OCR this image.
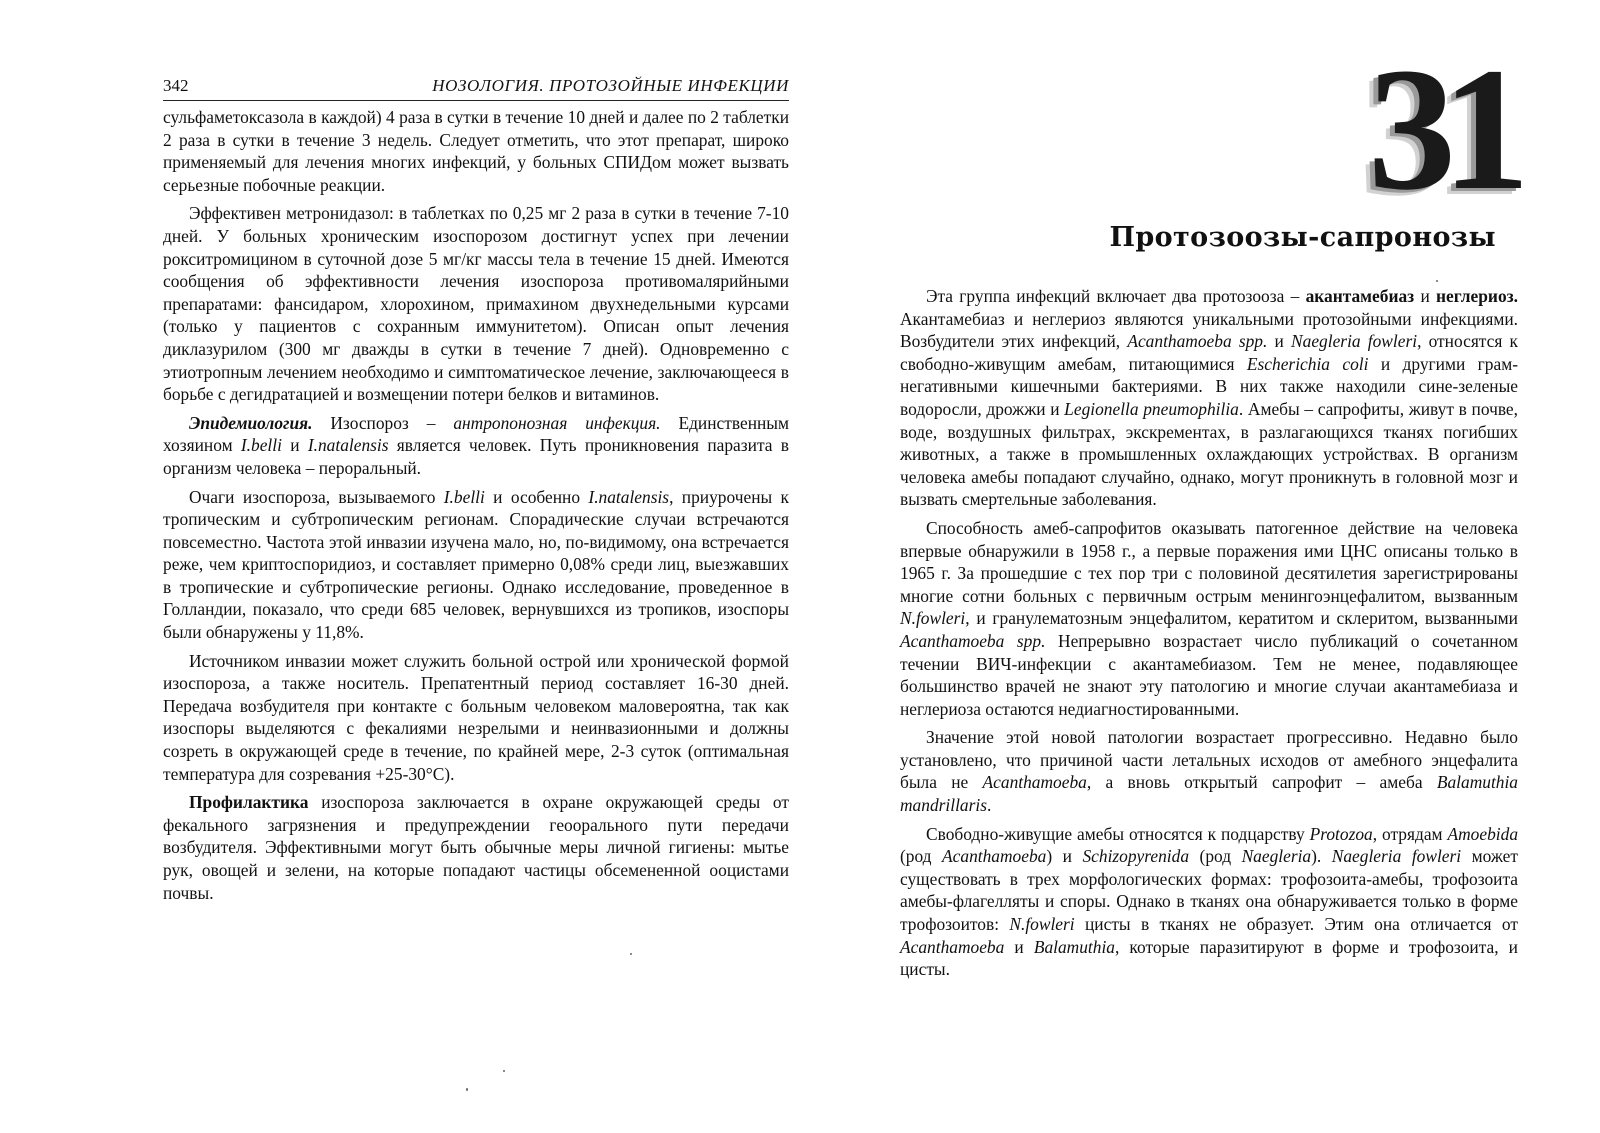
342	НОЗОЛОГИЯ. ПРОТОЗОЙНЫЕ ИНФЕКЦИИ

сульфаметоксазола в каждой) 4 раза в сутки в течение 10 дней и далее по 2 таблетки 2 раза в сутки в течение 3 недель. Следует отметить, что этот препарат, широко применяемый для лечения многих инфекций, у больных СПИДом может вызвать серьезные побочные реакции.

Эффективен метронидазол: в таблетках по 0,25 мг 2 раза в сутки в течение 7-10 дней. У больных хроническим изоспорозом достигнут успех при лечении рокситромицином в суточной дозе 5 мг/кг массы тела в течение 15 дней. Имеются сообщения об эффективности лечения изоспороза противомалярийными препаратами: фансидаром, хлорохином, примахином двухнедельными курсами (только у пациентов с сохранным иммунитетом). Описан опыт лечения диклазурилом (300 мг дважды в сутки в течение 7 дней). Одновременно с этиотропным лечением необходимо и симптоматическое лечение, заключающееся в борьбе с дегидратацией и возмещении потери белков и витаминов.

Эпидемиология. Изоспороз – антропонозная инфекция. Единственным хозяином I.belli и I.natalensis является человек. Путь проникновения паразита в организм человека – пероральный.

Очаги изоспороза, вызываемого I.belli и особенно I.natalensis, приурочены к тропическим и субтропическим регионам. Спорадические случаи встречаются повсеместно. Частота этой инвазии изучена мало, но, по-видимому, она встречается реже, чем криптоспоридиоз, и составляет примерно 0,08% среди лиц, выезжавших в тропические и субтропические регионы. Однако исследование, проведенное в Голландии, показало, что среди 685 человек, вернувшихся из тропиков, изоспоры были обнаружены у 11,8%.

Источником инвазии может служить больной острой или хронической формой изоспороза, а также носитель. Препатентный период составляет 16-30 дней. Передача возбудителя при контакте с больным человеком маловероятна, так как изоспоры выделяются с фекалиями незрелыми и неинвазионными и должны созреть в окружающей среде в течение, по крайней мере, 2-3 суток (оптимальная температура для созревания +25-30°С).

Профилактика изоспороза заключается в охране окружающей среды от фекального загрязнения и предупреждении геоорального пути передачи возбудителя. Эффективными могут быть обычные меры личной гигиены: мытье рук, овощей и зелени, на которые попадают частицы обсемененной ооцистами почвы.

31
Протозоозы-сапронозы

Эта группа инфекций включает два протозооза – акантамебиаз и неглериоз. Акантамебиаз и неглериоз являются уникальными протозойными инфекциями. Возбудители этих инфекций, Acanthamoeba spp. и Naegleria fowleri, относятся к свободно-живущим амебам, питающимися Escherichia coli и другими грам-негативными кишечными бактериями. В них также находили сине-зеленые водоросли, дрожжи и Legionella pneumophilia. Амебы – сапрофиты, живут в почве, воде, воздушных фильтрах, экскрементах, в разлагающихся тканях погибших животных, а также в промышленных охлаждающих устройствах. В организм человека амебы попадают случайно, однако, могут проникнуть в головной мозг и вызвать смертельные заболевания.

Способность амеб-сапрофитов оказывать патогенное действие на человека впервые обнаружили в 1958 г., а первые поражения ими ЦНС описаны только в 1965 г. За прошедшие с тех пор три с половиной десятилетия зарегистрированы многие сотни больных с первичным острым менингоэнцефалитом, вызванным N.fowleri, и гранулематозным энцефалитом, кератитом и склеритом, вызванными Acanthamoeba spp. Непрерывно возрастает число публикаций о сочетанном течении ВИЧ-инфекции с акантамебиазом. Тем не менее, подавляющее большинство врачей не знают эту патологию и многие случаи акантамебиаза и неглериоза остаются недиагностированными.

Значение этой новой патологии возрастает прогрессивно. Недавно было установлено, что причиной части летальных исходов от амебного энцефалита была не Acanthamoeba, а вновь открытый сапрофит – амеба Balamuthia mandrillaris.

Свободно-живущие амебы относятся к подцарству Protozoa, отрядам Amoebida (род Acanthamoeba) и Schizopyrenida (род Naegleria). Naegleria fowleri может существовать в трех морфологических формах: трофозоита-амебы, трофозоита амебы-флагелляты и споры. Однако в тканях она обнаруживается только в форме трофозоитов: N.fowleri цисты в тканях не образует. Этим она отличается от Acanthamoeba и Balamuthia, которые паразитируют в форме и трофозоита, и цисты.
